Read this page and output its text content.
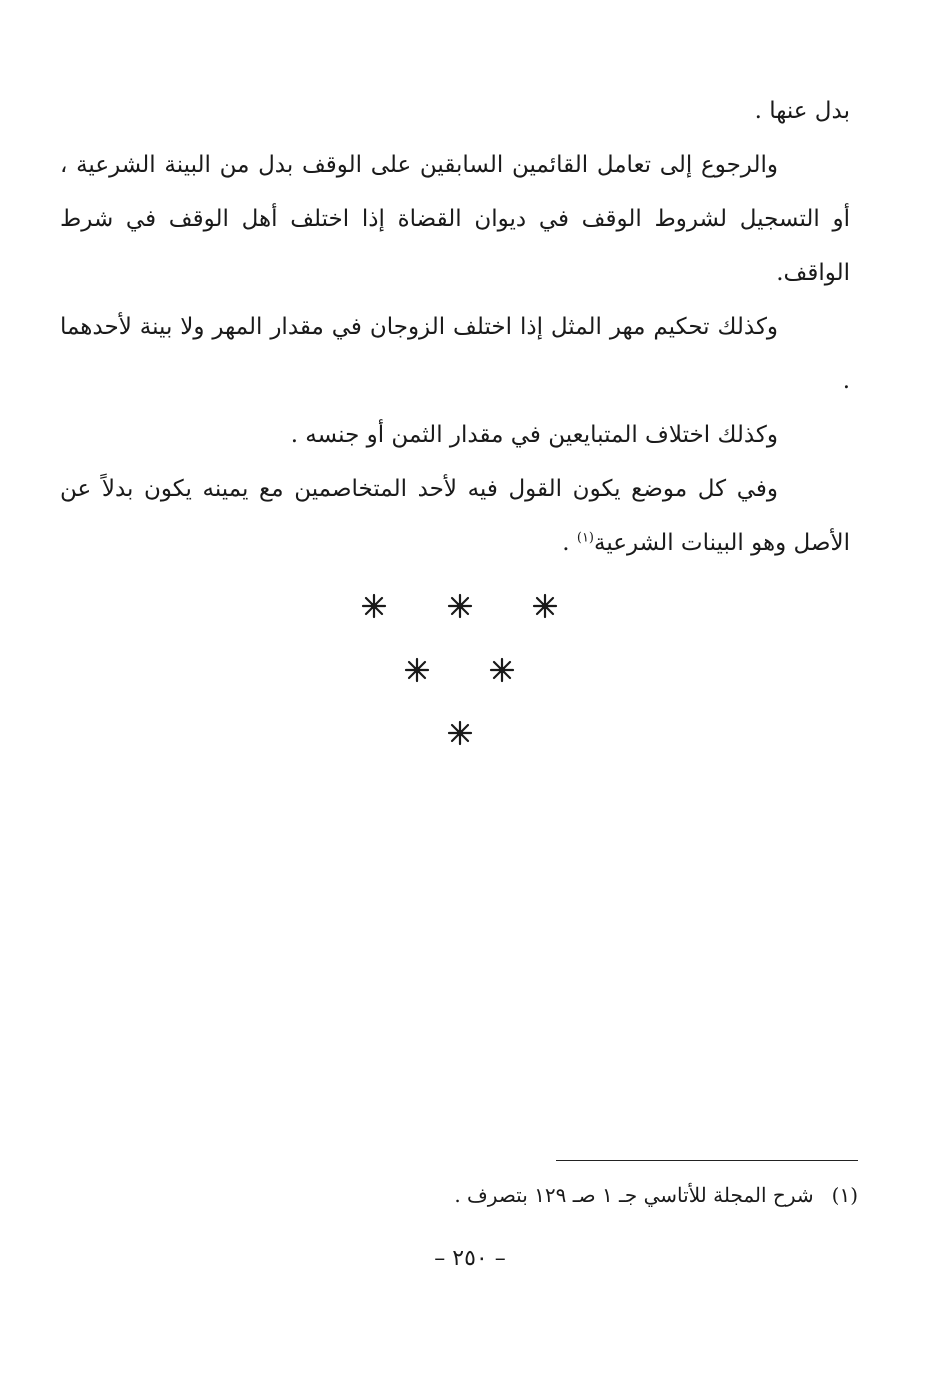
بدل عنها .

والرجوع إلى تعامل القائمين السابقين على الوقف بدل من البينة الشرعية ، أو التسجيل لشروط الوقف في ديوان القضاة إذا اختلف أهل الوقف في شرط الواقف.

وكذلك تحكيم مهر المثل إذا اختلف الزوجان في مقدار المهر ولا بينة لأحدهما .

وكذلك اختلاف المتبايعين في مقدار الثمن أو جنسه .

وفي كل موضع يكون القول فيه لأحد المتخاصمين مع يمينه يكون بدلاً عن الأصل وهو البينات الشرعية$^{(١)}$ .

(١)شرح المجلة للأتاسي جـ ١ صـ ١٢٩ بتصرف .
– ٢٥٠ –
